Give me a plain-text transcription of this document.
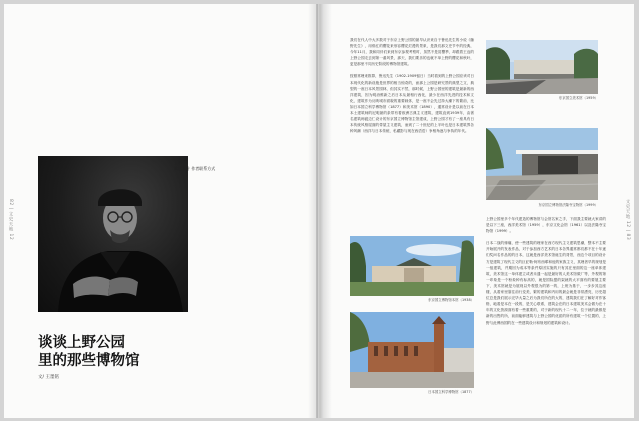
82 | 文史天地 12
王墨铭
腾讯设计 作者联系方式
谈谈上野公园
里的那些博物馆
文/ 王墨铭
文史天地 12 | 83

我们在代人中大多数对于东京上野公园的最早认识来自于鲁迅先生的小说《藤野先生》，用绯红的樱花来形容樱花烂漫的景象，是我们那文史节中的经典，今年11月，我和同伴们来到东京参观考察时，虽然不是赏樱季，却跟着王迈的上野公园走去到第一番风景，那天，我们要乐的也就不单上野的樱花和秋叶，更是那里不同历史阶段的博物馆建筑。

按照常理来推算，鲁迅先生（1902-1909留日）当时看到的上野公园应该对日本现代化的新设施是世界的相当惊奇的，而那上公园是研究景的典型之文，典型的一座日本风景园林，但其实不然，那时候，上野公园里的建筑是最新的西洋建筑，因为明治维新之后日本从最相行西化，最少在西洋先进的技术和文化，建筑作为反映城市面貌的重要载体，是一座不会先过持大潮下的繁前，比如日本国立科学博物馆（1877）和美术馆（1890），通常设计是以前在日本本土建筑师的尼明最的条带有着欧洲古典主义建筑，建筑直到1939年，由著名建筑师渡边仁设计的东京国立博物馆主馆建成，上野公园才有了一座具有日本传统风格屋面的带屋主义建筑，而到了二十世纪的上半叶也是日本建筑界各种风潮（西洋与日本传统、私藏影与现在西语语）争相角逐与争执的年代。

东京国立美术馆（1959）
东京国立博物馆法隆寺宝物馆（1999）

上野公园里多个年代建造的博物馆与会馆名家之手，下面我主要就大家讲的是以下三座，西洋美术馆（1959），东京文化会馆（1961）以及法隆寺宝物馆（1999）。

日本二战的惨痛，使一些建筑的理家在西方现代主义建筑思潮，整本不主要开始展开的发表作品，对于参加西方艺术的日本各界通常都们都不在十年逐们奖问名作品的的日本，这就是西洋美术馆诞生的背景，西边个项目的设计方是建筑了现代主义的巨匠勒·柯布西耶和他的家族主义，其理者早的规划是一组建筑，并期因为成本等条件原因实施的只有其在里面的这一座单体建筑，美术馆这一单体建立或者未通一起是最好的人美术馆做厂等，外观的第一印象是一个粉象种有标高的，就是国际盟的架就的大平面有的要展主要下，美术馆就是为展现以外观很为的第一的，上班为基于，一步步其这座楼，从看家里靠往前行变美，繁的建筑和内用的最会就是非常漂亮，历史超位总是我们展示完毕大量之后为我们所在的大的，建筑我们在了解好对作客格，地看是本在一段的，是关心联系，建筑会在的日本建筑美术会做为在十年的文化资源面有着一些重要的，对于新的现代十二一年，位于就的最都是新的出售的所，前面能够建筑与上野公园的优质的所有建筑一个位置的，上野与此博西国的在一些建筑设计和规划的建筑和设计。

东京国立博物馆本馆（1938）
日本国立科学博物馆（1877）
